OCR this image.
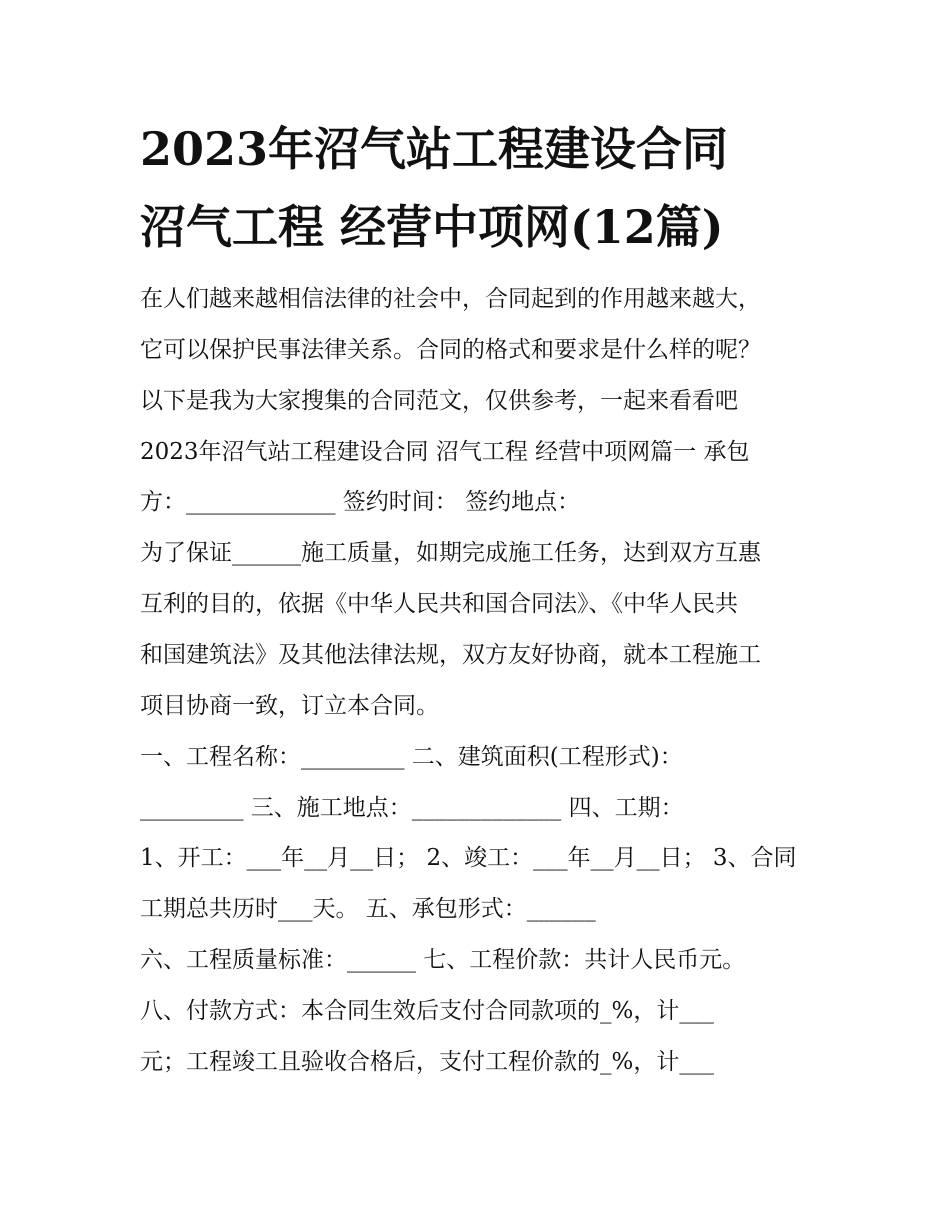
2023年沼气站工程建设合同
沼气工程 经营中项网(12篇)
在人们越来越相信法律的社会中，合同起到的作用越来越大，
它可以保护民事法律关系。合同的格式和要求是什么样的呢？
以下是我为大家搜集的合同范文，仅供参考，一起来看看吧
2023年沼气站工程建设合同 沼气工程 经营中项网篇一 承包
方：_____________ 签约时间： 签约地点：
为了保证______施工质量，如期完成施工任务，达到双方互惠
互利的目的，依据《中华人民共和国合同法》、《中华人民共
和国建筑法》及其他法律法规，双方友好协商，就本工程施工
项目协商一致，订立本合同。
一、工程名称：_________ 二、建筑面积(工程形式)：
_________ 三、施工地点：_____________ 四、工期：
1、开工：___年__月__日； 2、竣工：___年__月__日； 3、合同
工期总共历时___天。 五、承包形式：______
六、工程质量标准：______ 七、工程价款：共计人民币元。
八、付款方式：本合同生效后支付合同款项的_%，计___
元；工程竣工且验收合格后，支付工程价款的_%，计___
